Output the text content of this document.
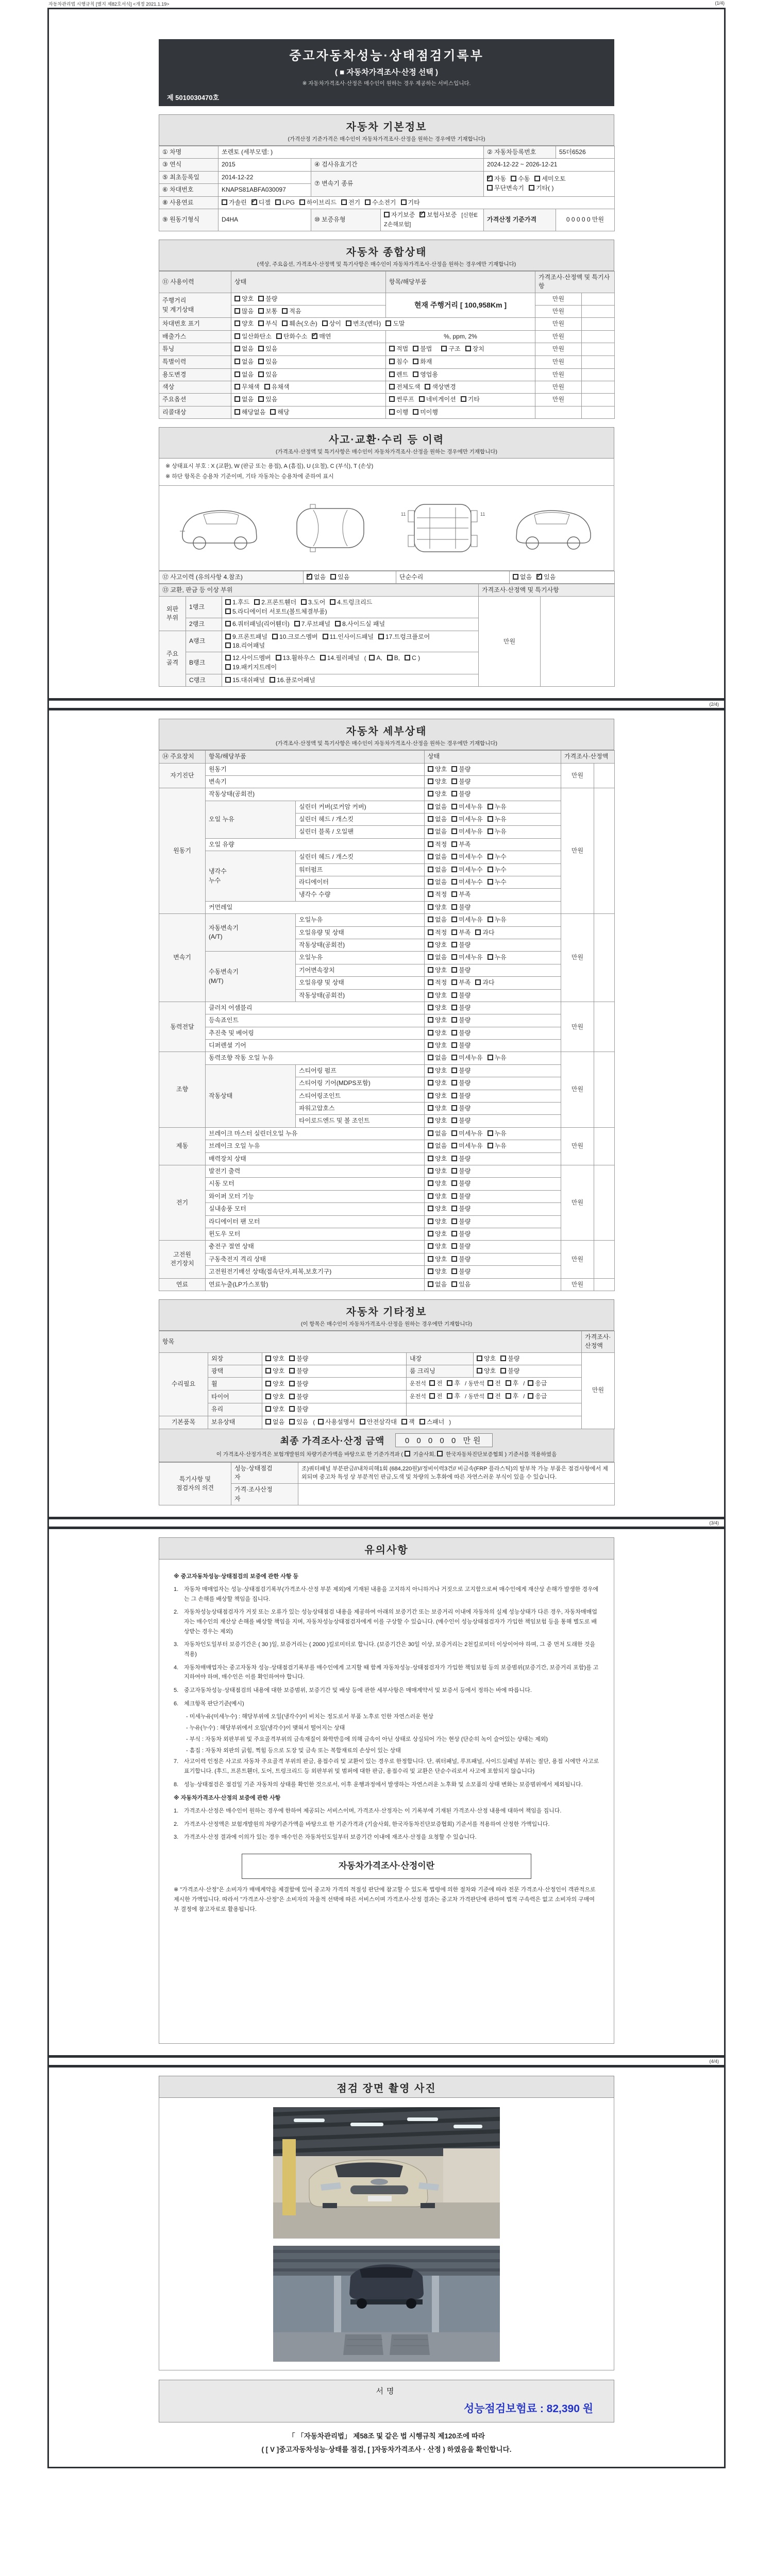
자동차관리법 시행규칙 [별지 제82호서식] <개정 2021.1.19>	(1/4)
중고자동차성능·상태점검기록부
( ■ 자동차가격조사·산정 선택 )
※ 자동차가격조사·산정은 매수인이 원하는 경우 제공하는 서비스입니다.
제 5010030470호
자동차 기본정보
(가격산정 기준가격은 매수인이 자동차가격조사·산정을 원하는 경우에만 기재합니다)
① 차명	쏘렌토 (세부모델: )			② 자동차등록번호	55더6526
③ 연식	2015	④ 검사유효기간		2024-12-22 ~ 2026-12-21	
⑤ 최초등록일	2014-12-22	⑦ 변속기 종류	✓자동 수동 세미오토
무단변속기 기타( )
⑥ 차대번호	KNAPS81ABFA030097				
⑧ 사용연료	가솔린 ✓ 디젤 LPG 하이브리드 전기 수소전기 기타
⑨ 원동기형식	D4HA	⑩ 보증유형	자기보증 ✓ 보험사보증 [신한EZ손해보험]	가격산정 기준가격	0 0 0 0 0 만원
자동차 종합상태
(색상, 주요옵션, 가격조사·산정액 및 특기사항은 매수인이 자동차가격조사·산정을 원하는 경우에만 기재합니다)
⑪ 사용이력	상태	항목/해당부품	가격조사·산정액 및 특기사항	
주행거리
및 계기상태	양호 불량	현재 주행거리 [ 100,958Km ]	만원	
	많음 보통 적음		만원	
차대번호 표기	양호 부식 훼손(오손) 상이 변조(변타) 도말		만원	
배출가스	일산화탄소 탄화수소 ✓ 매연	%, ppm, 2%	만원	
튜닝	없음 있음	적법 불법 구조 장치	만원	
특별이력	없음 있음	침수 화재	만원	
용도변경	없음 있음	렌트 영업용	만원	
색상	무채색 유채색	전체도색 색상변경	만원	
주요옵션	없음 있음	썬루프 네비게이션 기타	만원	
리콜대상	해당없음 해당	이행 미이행		
사고·교환·수리 등 이력
(가격조사·산정액 및 특기사항은 매수인이 자동차가격조사·산정을 원하는 경우에만 기재합니다)
※ 상태표시 부호 : X (교환), W (판금 또는 용접), A (흠집), U (요철), C (부식), T (손상)
※ 하단 항목은 승용차 기준이며, 기타 자동차는 승용차에 준하여 표시
11	11
⑫ 사고이력 (유의사항 4.참조)	✓없음 있음	단순수리	없음 ✓ 있음
⑬ 교환, 판금 등 이상 부위			가격조사·산정액 및 특기사항	
외판
부위	1랭크	1.후드 2.프론트휀더 3.도어 4.트렁크리드
5.라디에이터 서포트(볼트체결부품)	만원	
	2랭크	6.쿼터패널(리어휀더) 7.루브패널 8.사이드실 패널		
주요
골격	A랭크	9.프론트패널 10.크로스멤버 11.인사이드패널 17.트렁크플로어
18.리어패널		
	B랭크	12.사이드멤버 13.휠하우스 14.필러패널 ( A, B, C )
19.패키지트레이		
	C랭크	15.대쉬패널 16.플로어패널		
(2/4)
자동차 세부상태
(가격조사·산정액 및 특기사항은 매수인이 자동차가격조사·산정을 원하는 경우에만 기재합니다)
⑭ 주요장치	항목/해당부품		상태	가격조사·산정액	
자기진단	원동기		양호 불량	만원	
	변속기		양호 불량		
원동기	작동상태(공회전)		양호 불량	만원	
	오일 누유	실린더 커버(로커암 커버)	없음 미세누유 누유		
		실린더 헤드 / 개스킷	없음 미세누유 누유		
		실린더 블록 / 오일팬	없음 미세누유 누유		
	오일 유량		적정 부족		
	냉각수
누수	실린더 헤드 / 개스킷	없음 미세누수 누수		
		워터펌프	없음 미세누수 누수		
		라디에이터	없음 미세누수 누수		
		냉각수 수량	적정 부족		
	커먼레일		양호 불량		
변속기	자동변속기
(A/T)	오일누유	없음 미세누유 누유	만원	
		오일유량 및 상태	적정 부족 과다		
		작동상태(공회전)	양호 불량		
	수동변속기
(M/T)	오일누유	없음 미세누유 누유		
		기어변속장치	양호 불량		
		오일유량 및 상태	적정 부족 과다		
		작동상태(공회전)	양호 불량		
동력전달	클러치 어셈블리		양호 불량	만원	
	등속죠인트		양호 불량		
	추진축 및 베어링		양호 불량		
	디퍼렌셜 기어		양호 불량		
조향	동력조향 작동 오일 누유		없음 미세누유 누유	만원	
	작동상태	스티어링 펌프	양호 불량		
		스티어링 기어(MDPS포함)	양호 불량		
		스티어링조인트	양호 불량		
		파워고압호스	양호 불량		
		타이로드엔드 및 볼 조인트	양호 불량		
제동	브레이크 마스터 실린더오일 누유		없음 미세누유 누유	만원	
	브레이크 오일 누유		없음 미세누유 누유		
	배력장치 상태		양호 불량		
전기	발전기 출력		양호 불량	만원	
	시동 모터		양호 불량		
	와이퍼 모터 기능		양호 불량		
	실내송풍 모터		양호 불량		
	라디에이터 팬 모터		양호 불량		
	윈도우 모터		양호 불량		
고전원
전기장치	충전구 절연 상태		양호 불량	만원	
	구동축전지 격리 상태		양호 불량		
	고전원전기배선 상태(접속단자,피복,보호기구)		양호 불량		
연료	연료누출(LP가스포함)		없음 있음	만원	
자동차 기타정보
(이 항목은 매수인이 자동차가격조사·산정을 원하는 경우에만 기재합니다)
항목					가격조사·산정액
수리필요	외장	양호 불량	내장	양호 불량	만원
	광택	양호 불량	룸 크리닝	양호 불량	
	휠	양호 불량	운전석 전 후 / 동반석 전 후 / 응급		
	타이어	양호 불량	운전석 전 후 / 동반석 전 후 / 응급		
	유리	양호 불량			
기본품목	보유상태	없음 있음 ( 사용설명서 안전삼각대 잭 스패너 )			
최종 가격조사·산정 금액	0 0 0 0 0 만원
이 가격조사·산정가격은 보험개발원의 차량기준가액을 바탕으로 한 기준가격과 ( 기술사회, 한국자동차진단보증협회 ) 기준서를 적용하였음
특기사항 및
점검자의 의견	성능·상태점검
자	조)쿼터패널 부분판금//내차피해1회 (684,220원)//정비이력3건// 비금속(FRP 플라스틱)의 탈부착 가능 부품은 점검사항에서 제외되며 중고차 특성 상 부분적인 판금,도색 및 차량의 노후화에 따른 자연스러운 부식이 있을 수 있습니다.
	가격·조사산정
자	
(3/4)
유의사항
※ 중고자동차성능·상태점검의 보증에 관한 사항 등
1. 자동차 매매업자는 성능·상태점검기록부(가격조사·산정 부분 제외)에 기재된 내용을 고지하지 아니하거나 거짓으로 고지함으로써 매수인에게 재산상 손해가 발생한 경우에는 그 손해를 배상할 책임을 집니다.
2. 자동차성능상태점검자가 거짓 또는 오류가 있는 성능상태점검 내용을 제공하여 아래의 보증기간 또는 보증거리 이내에 자동차의 실제 성능상태가 다른 경우, 자동차매매업자는 매수인의 재산상 손해를 배상할 책임을 지며, 자동차성능상태점검자에게 이를 구상할 수 있습니다. (매수인이 성능상태점검자가 가입한 책임보험 등을 통해 별도로 배상받는 경우는 제외)
3. 자동차인도일부터 보증기간은 ( 30 )일, 보증거리는 ( 2000 )킬로미터로 합니다. (보증기간은 30일 이상, 보증거리는 2천킬로미터 이상이어야 하며, 그 중 먼저 도래한 것을 적용)
4. 자동차매매업자는 중고자동차 성능·상태점검기록부를 매수인에게 고지할 때 함께 자동차성능·상태점검자가 가입한 책임보험 등의 보증범위(보증기간, 보증거리 포함)를 고지하여야 하며, 매수인은 이를 확인하여야 합니다.
5. 중고자동차성능·상태점검의 내용에 대한 보증범위, 보증기간 및 배상 등에 관한 세부사항은 매매계약서 및 보증서 등에서 정하는 바에 따릅니다.
6. 체크항목 판단기준(예시)
- 미세누유(미세누수) : 해당부위에 오일(냉각수)이 비치는 정도로서 부품 노후로 인한 자연스러운 현상
- 누유(누수) : 해당부위에서 오일(냉각수)이 맺혀서 떨어지는 상태
- 부식 : 자동차 외판부위 및 주요골격부위의 금속재질이 화학반응에 의해 금속이 아닌 상태로 상실되어 가는 현상 (단순히 녹이 슬어있는 상태는 제외)
- 흠집 : 자동차 외판의 긁힘, 찍힘 등으로 도장 및 금속 또는 복합재료의 손상이 있는 상태
7. 사고이력 인정은 사고로 자동차 주요골격 부위의 판금, 용접수리 및 교환이 있는 경우로 한정합니다. 단, 쿼터패널, 루프패널, 사이드실패널 부위는 절단, 용접 시에만 사고로 표기합니다. (후드, 프론트휀더, 도어, 트렁크리드 등 외판부위 및 범퍼에 대한 판금, 용접수리 및 교환은 단순수리로서 사고에 포함되지 않습니다)
8. 성능·상태점검은 점검일 기준 자동차의 상태를 확인한 것으로서, 이후 운행과정에서 발생하는 자연스러운 노후화 및 소모품의 상태 변화는 보증범위에서 제외됩니다.
※ 자동차가격조사·산정의 보증에 관한 사항
1. 가격조사·산정은 매수인이 원하는 경우에 한하여 제공되는 서비스이며, 가격조사·산정자는 이 기록부에 기재된 가격조사·산정 내용에 대하여 책임을 집니다.
2. 가격조사·산정액은 보험개발원의 차량기준가액을 바탕으로 한 기준가격과 (기술사회, 한국자동차진단보증협회) 기준서를 적용하여 산정한 가액입니다.
3. 가격조사·산정 결과에 이의가 있는 경우 매수인은 자동차인도일부터 보증기간 이내에 재조사·산정을 요청할 수 있습니다.
자동차가격조사·산정이란
※ "가격조사·산정"은 소비자가 매매계약을 체결함에 있어 중고차 가격의 적절성 판단에 참고할 수 있도록 법령에 의한 절차와 기준에 따라 전문 가격조사·산정인이 객관적으로 제시한 가액입니다. 따라서 "가격조사·산정"은 소비자의 자율적 선택에 따른 서비스이며 가격조사·산정 결과는 중고차 가격판단에 관하여 법적 구속력은 없고 소비자의 구매여부 결정에 참고자료로 활용됩니다.
(4/4)
점검 장면 촬영 사진
서명
성능점검보험료 : 82,390 원
「 「자동차관리법」 제58조 및 같은 법 시행규칙 제120조에 따라
( [ V ]중고자동차성능·상태를 점검, [ ]자동차가격조사 · 산정 ) 하였음을 확인합니다.
